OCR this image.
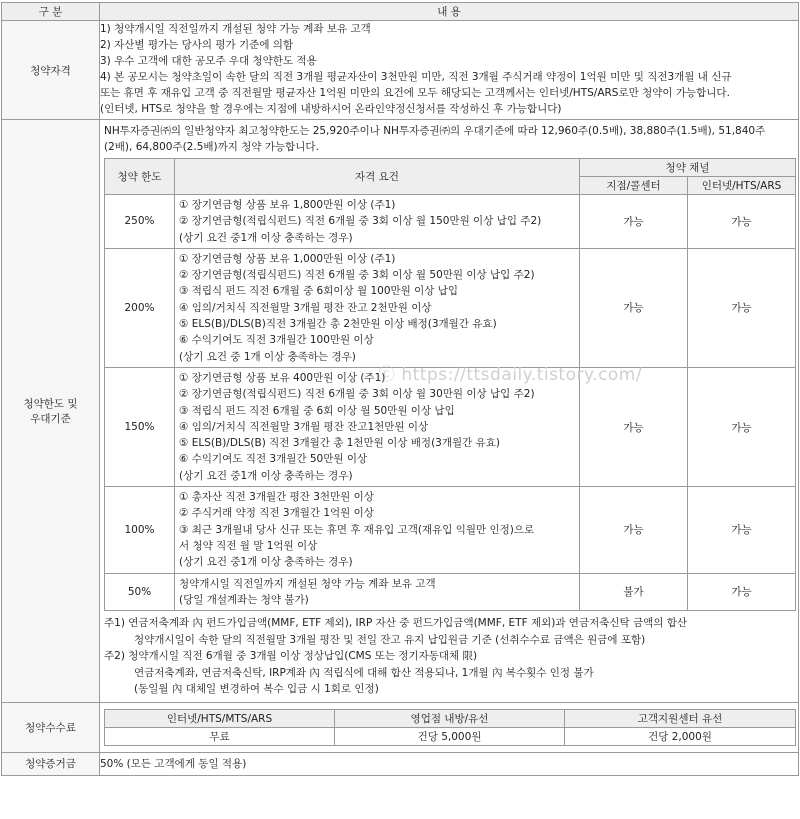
구 분	내 용
청약자격	
1) 청약개시일 직전일까지 개설된 청약 가능 계좌 보유 고객
2) 자산별 평가는 당사의 평가 기준에 의함
3) 우수 고객에 대한 공모주 우대 청약한도 적용
4) 본 공모시는 청약초일이 속한 달의 직전 3개월 평균자산이 3천만원 미만, 직전 3개월 주식거래 약정이 1억원 미만 및 직전3개월 내 신규
또는 휴면 후 재유입 고객 중 직전월말 평균자산 1억원 미만의 요건에 모두 해당되는 고객께서는 인터넷/HTS/ARS로만 청약이 가능합니다.
(인터넷, HTS로 청약을 할 경우에는 지점에 내방하시어 온라인약정신청서를 작성하신 후 가능합니다)

청약한도 및
우대기준

NH투자증권㈜의 일반청약자 최고청약한도는 25,920주이나 NH투자증권㈜의 우대기준에 따라 12,960주(0.5배), 38,880주(1.5배), 51,840주
(2배), 64,800주(2.5배)까지 청약 가능합니다.
청약 한도	자격 요건	청약 채널
지점/콜센터	인터넷/HTS/ARS
250%	
① 장기연금형 상품 보유 1,800만원 이상 (주1)
② 장기연금형(적립식펀드) 직전 6개월 중 3회 이상 월 150만원 이상 납입 주2)
(상기 요건 중1개 이상 충족하는 경우)
	가능	가능
200%	
① 장기연금형 상품 보유 1,000만원 이상 (주1)
② 장기연금형(적립식펀드) 직전 6개월 중 3회 이상 월 50만원 이상 납입 주2)
③ 적립식 펀드 직전 6개월 중 6회이상 월 100만원 이상 납입
④ 임의/거치식 직전월말 3개월 평잔 잔고 2천만원 이상
⑤ ELS(B)/DLS(B)직전 3개월간 총 2천만원 이상 배정(3개월간 유효)
⑥ 수익기여도 직전 3개월간 100만원 이상
(상기 요건 중 1개 이상 충족하는 경우)
	가능	가능
150%	
① 장기연금형 상품 보유 400만원 이상 (주1)
② 장기연금형(적립식펀드) 직전 6개월 중 3회 이상 월 30만원 이상 납입 주2)
③ 적립식 펀드 직전 6개월 중 6회 이상 월 50만원 이상 납입
④ 임의/거치식 직전월말 3개월 평잔 잔고1천만원 이상
⑤ ELS(B)/DLS(B) 직전 3개월간 총 1천만원 이상 배정(3개월간 유효)
⑥ 수익기여도 직전 3개월간 50만원 이상
(상기 요건 중1개 이상 충족하는 경우)
	가능	가능
100%	
① 총자산 직전 3개월간 평잔 3천만원 이상
② 주식거래 약정 직전 3개월간 1억원 이상
③ 최근 3개월내 당사 신규 또는 휴면 후 재유입 고객(재유입 익월만 인정)으로
서 청약 직전 월 말 1억원 이상
(상기 요건 중1개 이상 충족하는 경우)
	가능	가능
50%	
청약개시일 직전일까지 개설된 청약 가능 계좌 보유 고객
(당일 개설계좌는 청약 불가)
	불가	가능
주1) 연금저축계좌 內 펀드가입금액(MMF, ETF 제외), IRP 자산 중 펀드가입금액(MMF, ETF 제외)과 연금저축신탁 금액의 합산
청약개시일이 속한 달의 직전월말 3개월 평잔 및 전일 잔고 유지 납입원금 기준 (선취수수료 금액은 원금에 포함)
주2) 청약개시일 직전 6개월 중 3개월 이상 정상납입(CMS 또는 정기자동대체 限)
연금저축계좌, 연금저축신탁, IRP계좌 內 적립식에 대해 합산 적용되나, 1개월 內 복수횟수 인정 불가
(동일월 內 대체일 변경하여 복수 입금 시 1회로 인정)

청약수수료	
인터넷/HTS/MTS/ARS	영업점 내방/유선	고객지원센터 유선
무료	건당 5,000원	건당 2,000원

청약증거금	50% (모든 고객에게 동일 적용)
ⓒ https://ttsdaily.tistory.com/
